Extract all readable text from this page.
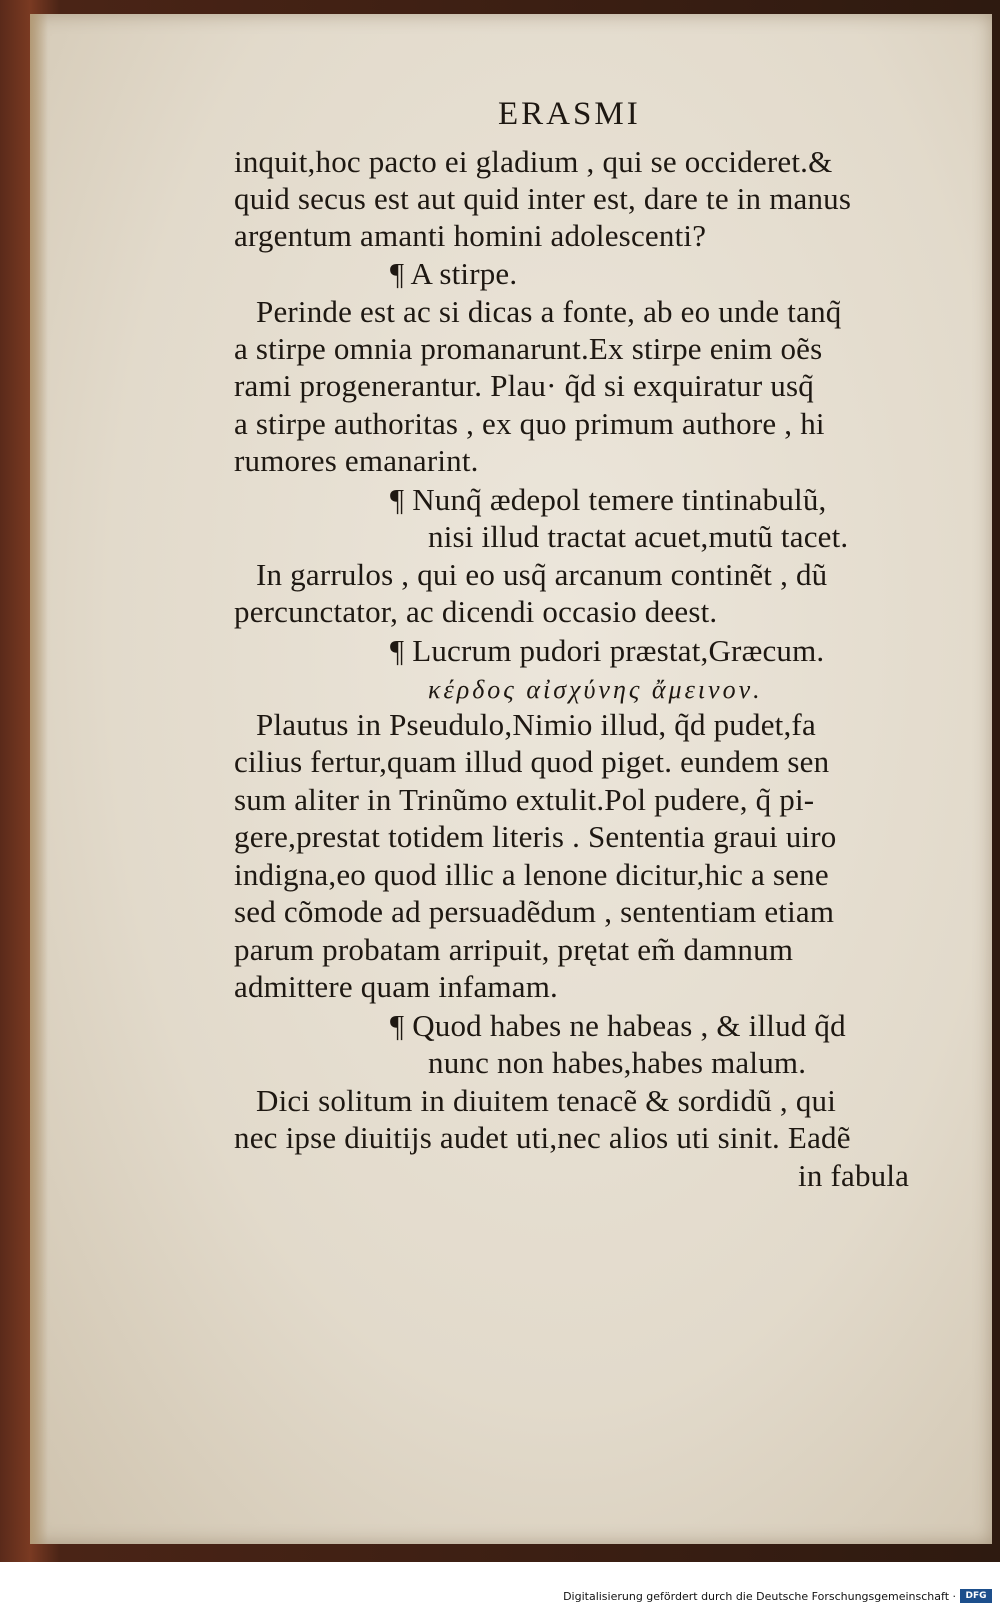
ERASMI
inquit,hoc pacto ei gladium , qui se occideret.&
quid secus est aut quid inter est, dare te in manus
argentum amanti homini adolescenti?
¶ A stirpe.
Perinde est ac si dicas a fonte, ab eo unde tanq̃
a stirpe omnia promanarunt.Ex stirpe enim oẽs
rami progenerantur. Plau· q̃d si exquiratur usq̃
a stirpe authoritas , ex quo primum authore , hi
rumores emanarint.
¶ Nunq̃ ædepol temere tintinabulũ,
nisi illud tractat acuet,mutũ tacet.
In garrulos , qui eo usq̃ arcanum continẽt , dũ
percunctator, ac dicendi occasio deest.
¶ Lucrum pudori præstat,Græcum.
κέρδος αἰσχύνης ἄμεινον.
Plautus in Pseudulo,Nimio illud, q̃d pudet,fa
cilius fertur,quam illud quod piget. eundem sen
sum aliter in Trinũmo extulit.Pol pudere, q̃ pi-
gere,prestat totidem literis . Sententia graui uiro
indigna,eo quod illic a lenone dicitur,hic a sene
sed cõmode ad persuadẽdum , sententiam etiam
parum probatam arripuit, prętat em̃ damnum
admittere quam infamam.
¶ Quod habes ne habeas , & illud q̃d
nunc non habes,habes malum.
Dici solitum in diuitem tenacẽ & sordidũ , qui
nec ipse diuitijs audet uti,nec alios uti sinit. Eadẽ
in fabula
Digitalisierung gefördert durch die Deutsche Forschungsgemeinschaft ·	DFG
